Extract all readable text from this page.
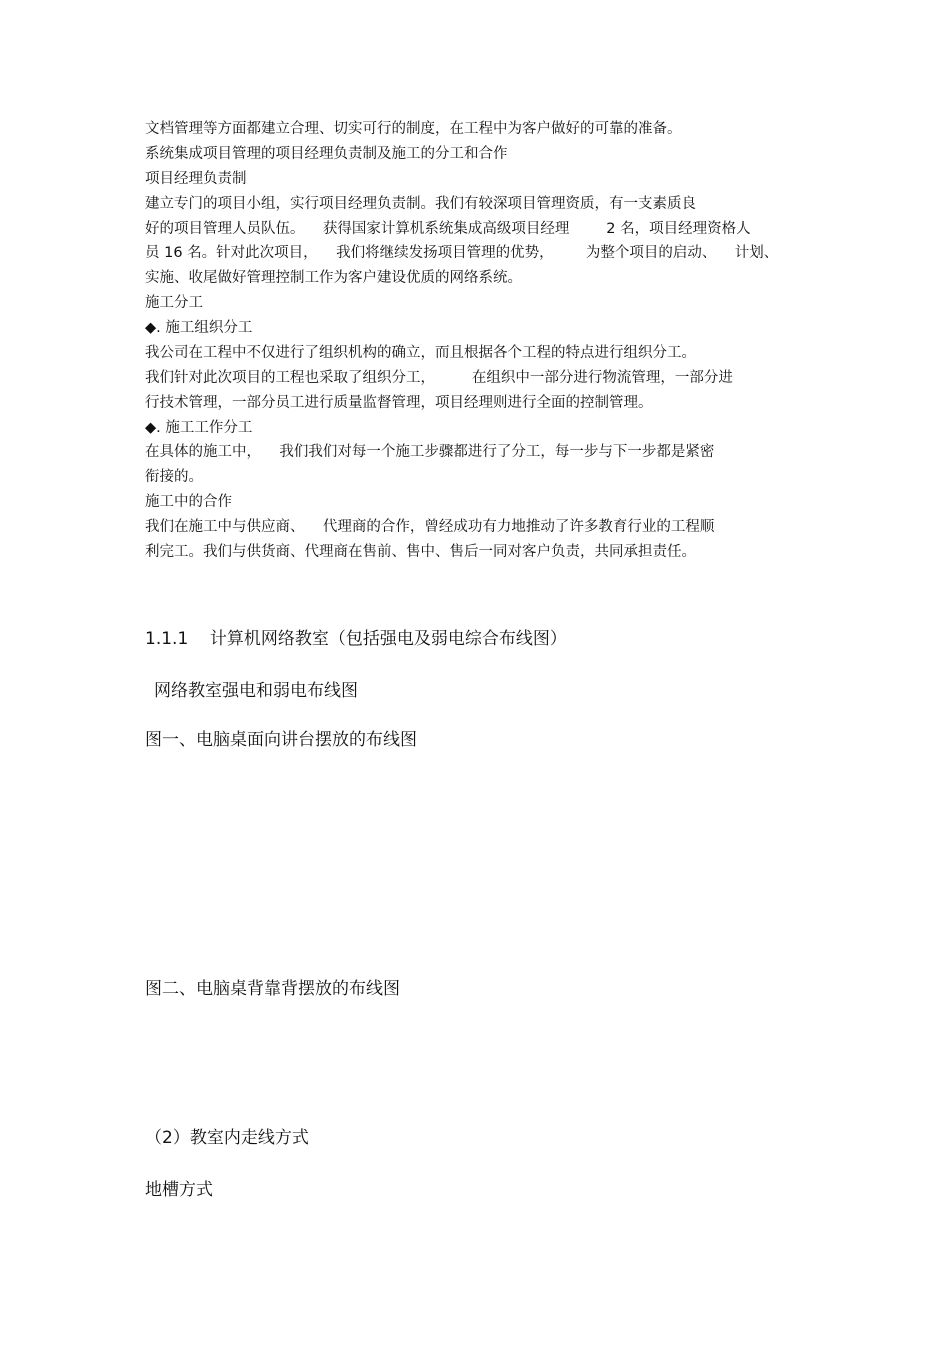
文档管理等方面都建立合理、切实可行的制度，在工程中为客户做好的可靠的准备。
系统集成项目管理的项目经理负责制及施工的分工和合作
项目经理负责制
建立专门的项目小组，实行项目经理负责制。我们有较深项目管理资质，有一支素质良
好的项目管理人员队伍。    获得国家计算机系统集成高级项目经理        2 名，项目经理资格人
员 16 名。针对此次项目，    我们将继续发扬项目管理的优势，       为整个项目的启动、    计划、
实施、收尾做好管理控制工作为客户建设优质的网络系统。
施工分工
◆. 施工组织分工
我公司在工程中不仅进行了组织机构的确立，而且根据各个工程的特点进行组织分工。
我们针对此次项目的工程也采取了组织分工，        在组织中一部分进行物流管理，一部分进
行技术管理，一部分员工进行质量监督管理，项目经理则进行全面的控制管理。
◆. 施工工作分工
在具体的施工中，    我们我们对每一个施工步骤都进行了分工，每一步与下一步都是紧密
衔接的。
施工中的合作
我们在施工中与供应商、    代理商的合作，曾经成功有力地推动了许多教育行业的工程顺
利完工。我们与供货商、代理商在售前、售中、售后一同对客户负责，共同承担责任。
1.1.1    计算机网络教室（包括强电及弱电综合布线图）
网络教室强电和弱电布线图
图一、电脑桌面向讲台摆放的布线图
图二、电脑桌背靠背摆放的布线图
（2）教室内走线方式
地槽方式
